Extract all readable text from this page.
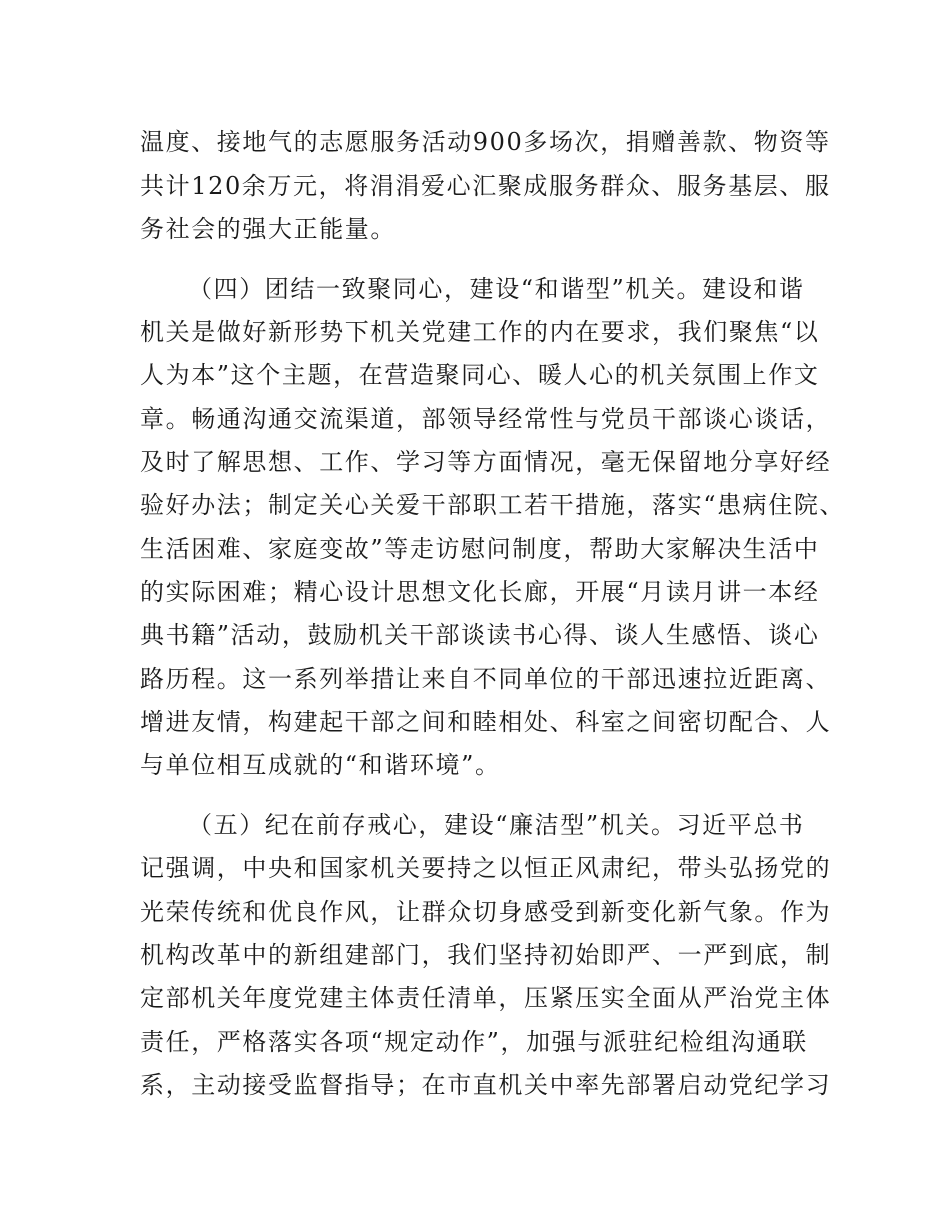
温度、接地气的志愿服务活动900多场次，捐赠善款、物资等

共计120余万元，将涓涓爱心汇聚成服务群众、服务基层、服

务社会的强大正能量。

（四）团结一致聚同心，建设“和谐型”机关。建设和谐

机关是做好新形势下机关党建工作的内在要求，我们聚焦“以

人为本”这个主题，在营造聚同心、暖人心的机关氛围上作文

章。畅通沟通交流渠道，部领导经常性与党员干部谈心谈话，

及时了解思想、工作、学习等方面情况，毫无保留地分享好经

验好办法；制定关心关爱干部职工若干措施，落实“患病住院、

生活困难、家庭变故”等走访慰问制度，帮助大家解决生活中

的实际困难；精心设计思想文化长廊，开展“月读月讲一本经

典书籍”活动，鼓励机关干部谈读书心得、谈人生感悟、谈心

路历程。这一系列举措让来自不同单位的干部迅速拉近距离、

增进友情，构建起干部之间和睦相处、科室之间密切配合、人

与单位相互成就的“和谐环境”。

（五）纪在前存戒心，建设“廉洁型”机关。习近平总书

记强调，中央和国家机关要持之以恒正风肃纪，带头弘扬党的

光荣传统和优良作风，让群众切身感受到新变化新气象。作为

机构改革中的新组建部门，我们坚持初始即严、一严到底，制

定部机关年度党建主体责任清单，压紧压实全面从严治党主体

责任，严格落实各项“规定动作”，加强与派驻纪检组沟通联

系，主动接受监督指导；在市直机关中率先部署启动党纪学习
